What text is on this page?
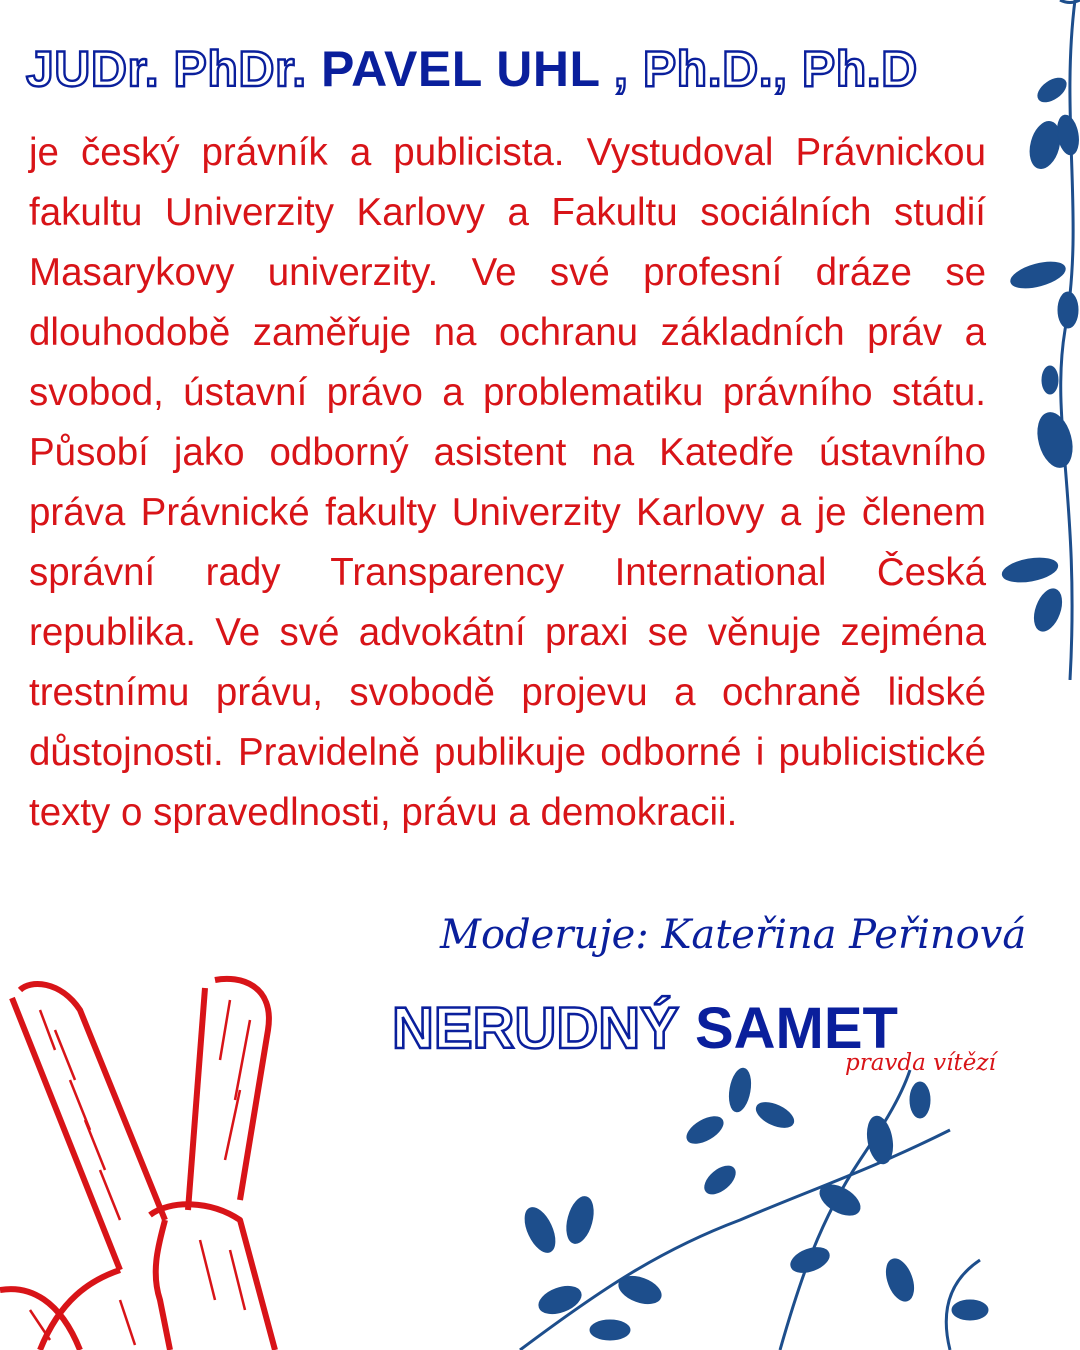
JUDr. PhDr. PAVEL UHL , Ph.D., Ph.D

je český právník a publicista. Vystudoval Právnickou fakultu Univerzity Karlovy a Fakultu sociálních studií Masarykovy univerzity. Ve své profesní dráze se dlouhodobě zaměřuje na ochranu základních práv a svobod, ústavní právo a problematiku právního státu. Působí jako odborný asistent na Katedře ústavního práva Právnické fakulty Univerzity Karlovy a je členem správní rady Transparency International Česká republika. Ve své advokátní praxi se věnuje zejména trestnímu právu, svobodě projevu a ochraně lidské důstojnosti. Pravidelně publikuje odborné i publicistické texty o spravedlnosti, právu a demokracii.

Moderuje: Kateřina Peřinová
NERUDNÝ SAMET
pravda vítězí
